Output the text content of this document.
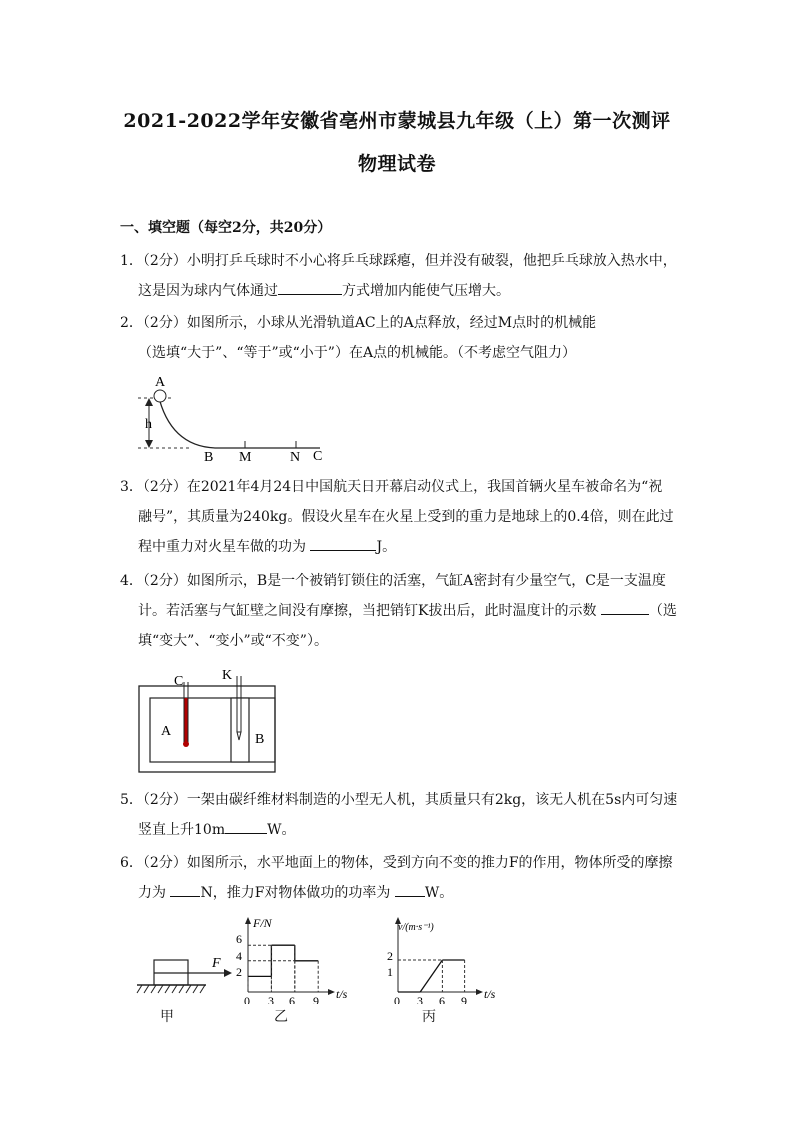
2021-2022学年安徽省亳州市蒙城县九年级（上）第一次测评
物理试卷
一、填空题（每空2分，共20分）
1．（2分）小明打乒乓球时不小心将乒乓球踩瘪，但并没有破裂，他把乒乓球放入热水中，
这是因为球内气体通过	方式增加内能使气压增大。
2．（2分）如图所示，小球从光滑轨道AC上的A点释放，经过M点时的机械能
（选填“大于”、“等于”或“小于”）在A点的机械能。（不考虑空气阻力）
h
A
B M	N C
3．（2分）在2021年4月24日中国航天日开幕启动仪式上，我国首辆火星车被命名为“祝
融号”，其质量为240kg。假设火星车在火星上受到的重力是地球上的0.4倍，则在此过
程中重力对火星车做的功为	J。
4．（2分）如图所示，B是一个被销钉锁住的活塞，气缸A密封有少量空气，C是一支温度
计。若活塞与气缸壁之间没有摩擦，当把销钉K拔出后，此时温度计的示数	（选
填“变大”、“变小”或“不变”）。
C	K
A
B
5．（2分）一架由碳纤维材料制造的小型无人机，其质量只有2kg，该无人机在5s内可匀速
竖直上升10m	W。
6．（2分）如图所示，水平地面上的物体，受到方向不变的推力F的作用，物体所受的摩擦
力为 N，推力F对物体做功的功率为 W。
F
甲
F/N
t/s
6
4
2
0 3 6 9
乙
v/(m·s⁻¹)
t/s
2
1
0 3 6 9
丙
